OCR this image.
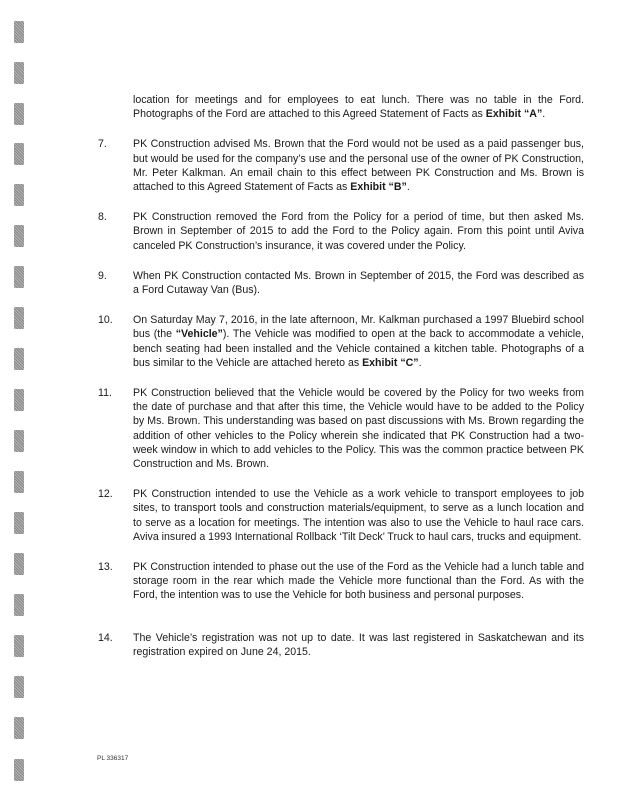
location for meetings and for employees to eat lunch. There was no table in the Ford. Photographs of the Ford are attached to this Agreed Statement of Facts as Exhibit “A”.
7.	PK Construction advised Ms. Brown that the Ford would not be used as a paid passenger bus, but would be used for the company’s use and the personal use of the owner of PK Construction, Mr. Peter Kalkman. An email chain to this effect between PK Construction and Ms. Brown is attached to this Agreed Statement of Facts as Exhibit “B”.
8.	PK Construction removed the Ford from the Policy for a period of time, but then asked Ms. Brown in September of 2015 to add the Ford to the Policy again. From this point until Aviva canceled PK Construction’s insurance, it was covered under the Policy.
9.	When PK Construction contacted Ms. Brown in September of 2015, the Ford was described as a Ford Cutaway Van (Bus).
10.	On Saturday May 7, 2016, in the late afternoon, Mr. Kalkman purchased a 1997 Bluebird school bus (the “Vehicle”). The Vehicle was modified to open at the back to accommodate a vehicle, bench seating had been installed and the Vehicle contained a kitchen table. Photographs of a bus similar to the Vehicle are attached hereto as Exhibit “C”.
11.	PK Construction believed that the Vehicle would be covered by the Policy for two weeks from the date of purchase and that after this time, the Vehicle would have to be added to the Policy by Ms. Brown. This understanding was based on past discussions with Ms. Brown regarding the addition of other vehicles to the Policy wherein she indicated that PK Construction had a two-week window in which to add vehicles to the Policy. This was the common practice between PK Construction and Ms. Brown.
12.	PK Construction intended to use the Vehicle as a work vehicle to transport employees to job sites, to transport tools and construction materials/equipment, to serve as a lunch location and to serve as a location for meetings. The intention was also to use the Vehicle to haul race cars. Aviva insured a 1993 International Rollback ‘Tilt Deck’ Truck to haul cars, trucks and equipment.
13.	PK Construction intended to phase out the use of the Ford as the Vehicle had a lunch table and storage room in the rear which made the Vehicle more functional than the Ford. As with the Ford, the intention was to use the Vehicle for both business and personal purposes.
14.	The Vehicle’s registration was not up to date. It was last registered in Saskatchewan and its registration expired on June 24, 2015.
PL 336317
